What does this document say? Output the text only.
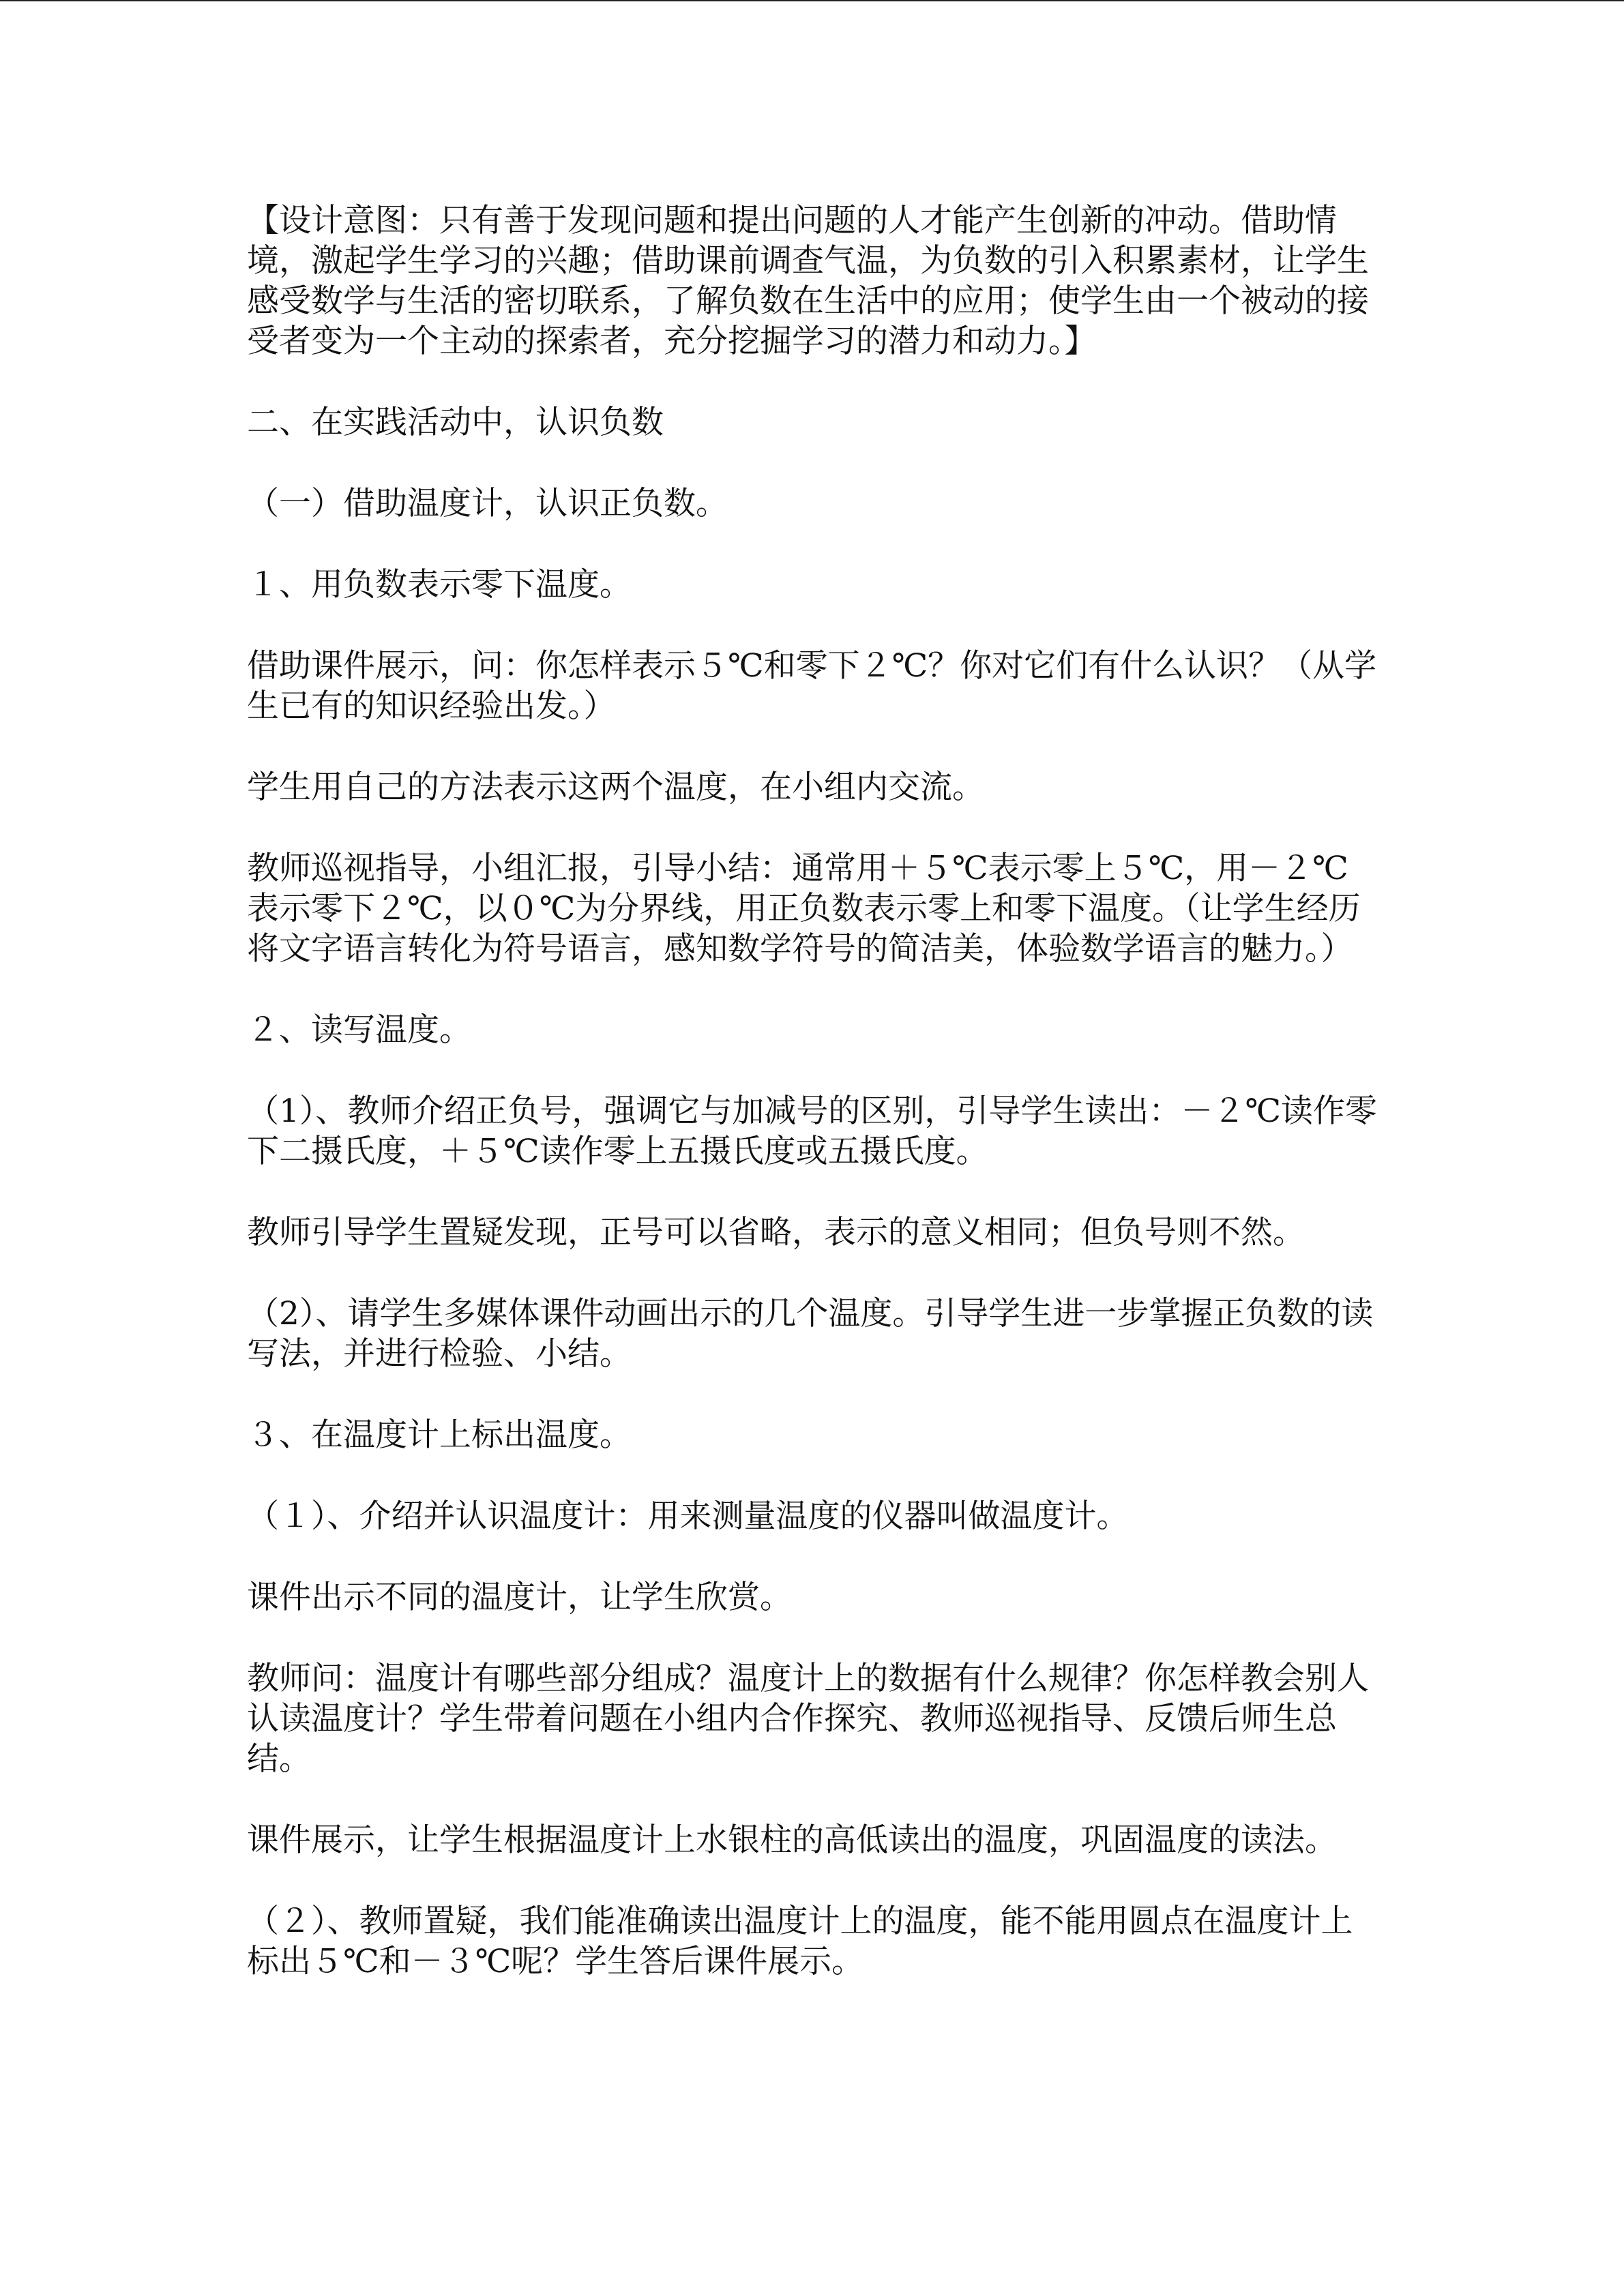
【设计意图：只有善于发现问题和提出问题的人才能产生创新的冲动。借助情境，激起学生学习的兴趣；借助课前调查气温，为负数的引入积累素材，让学生感受数学与生活的密切联系，了解负数在生活中的应用；使学生由一个被动的接受者变为一个主动的探索者，充分挖掘学习的潜力和动力。】

二、在实践活动中，认识负数

（一）借助温度计，认识正负数。

１、用负数表示零下温度。

借助课件展示，问：你怎样表示５℃和零下２℃？你对它们有什么认识？（从学生已有的知识经验出发。）

学生用自己的方法表示这两个温度，在小组内交流。

教师巡视指导，小组汇报，引导小结：通常用＋５℃表示零上５℃，用－２℃表示零下２℃，以０℃为分界线，用正负数表示零上和零下温度。（让学生经历将文字语言转化为符号语言，感知数学符号的简洁美，体验数学语言的魅力。）

２、读写温度。

（1）、教师介绍正负号，强调它与加减号的区别，引导学生读出：－２℃读作零下二摄氏度，＋５℃读作零上五摄氏度或五摄氏度。

教师引导学生置疑发现，正号可以省略，表示的意义相同；但负号则不然。

（2）、请学生多媒体课件动画出示的几个温度。引导学生进一步掌握正负数的读写法，并进行检验、小结。

３、在温度计上标出温度。

（１）、介绍并认识温度计：用来测量温度的仪器叫做温度计。

课件出示不同的温度计，让学生欣赏。

教师问：温度计有哪些部分组成？温度计上的数据有什么规律？你怎样教会别人认读温度计？学生带着问题在小组内合作探究、教师巡视指导、反馈后师生总结。

课件展示，让学生根据温度计上水银柱的高低读出的温度，巩固温度的读法。

（２）、教师置疑，我们能准确读出温度计上的温度，能不能用圆点在温度计上标出５℃和－３℃呢？学生答后课件展示。
